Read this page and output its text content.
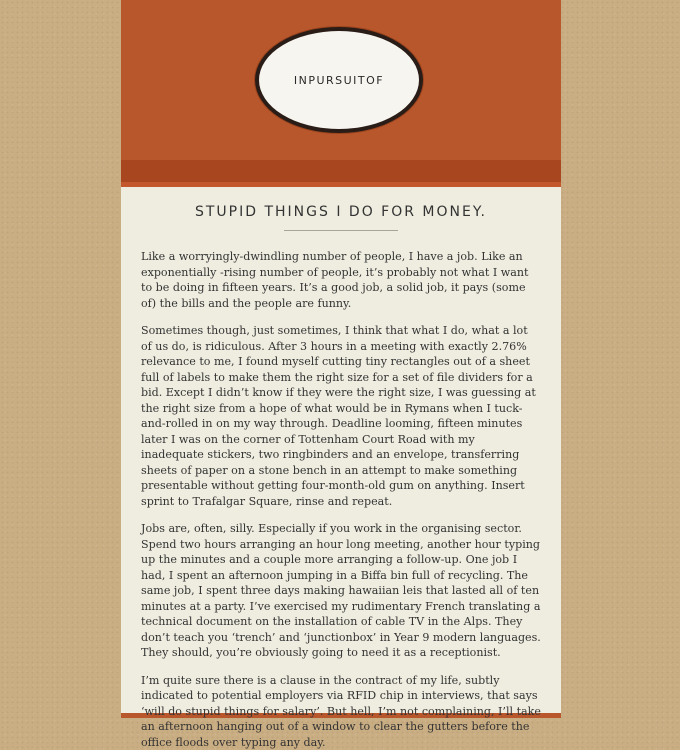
INPURSUITOF
STUPID THINGS I DO FOR MONEY.

Like a worryingly-dwindling number of people, I have a job. Like an exponentially -rising number of people, it’s probably not what I want to be doing in fifteen years. It’s a good job, a solid job, it pays (some of) the bills and the people are funny.

Sometimes though, just sometimes, I think that what I do, what a lot of us do, is ridiculous. After 3 hours in a meeting with exactly 2.76% relevance to me, I found myself cutting tiny rectangles out of a sheet full of labels to make them the right size for a set of file dividers for a bid. Except I didn’t know if they were the right size, I was guessing at the right size from a hope of what would be in Rymans when I tuck-and-rolled in on my way through. Deadline looming, fifteen minutes later I was on the corner of Tottenham Court Road with my inadequate stickers, two ringbinders and an envelope, transferring sheets of paper on a stone bench in an attempt to make something presentable without getting four-month-old gum on anything. Insert sprint to Trafalgar Square, rinse and repeat.

Jobs are, often, silly. Especially if you work in the organising sector. Spend two hours arranging an hour long meeting, another hour typing up the minutes and a couple more arranging a follow-up. One job I had, I spent an afternoon jumping in a Biffa bin full of recycling. The same job, I spent three days making hawaiian leis that lasted all of ten minutes at a party. I’ve exercised my rudimentary French translating a technical document on the installation of cable TV in the Alps. They don’t teach you ‘trench’ and ‘junctionbox’ in Year 9 modern languages. They should, you’re obviously going to need it as a receptionist.

I’m quite sure there is a clause in the contract of my life, subtly indicated to potential employers via RFID chip in interviews, that says ‘will do stupid things for salary’. But hell, I’m not complaining, I’ll take an afternoon hanging out of a window to clear the gutters before the office floods over typing any day.
